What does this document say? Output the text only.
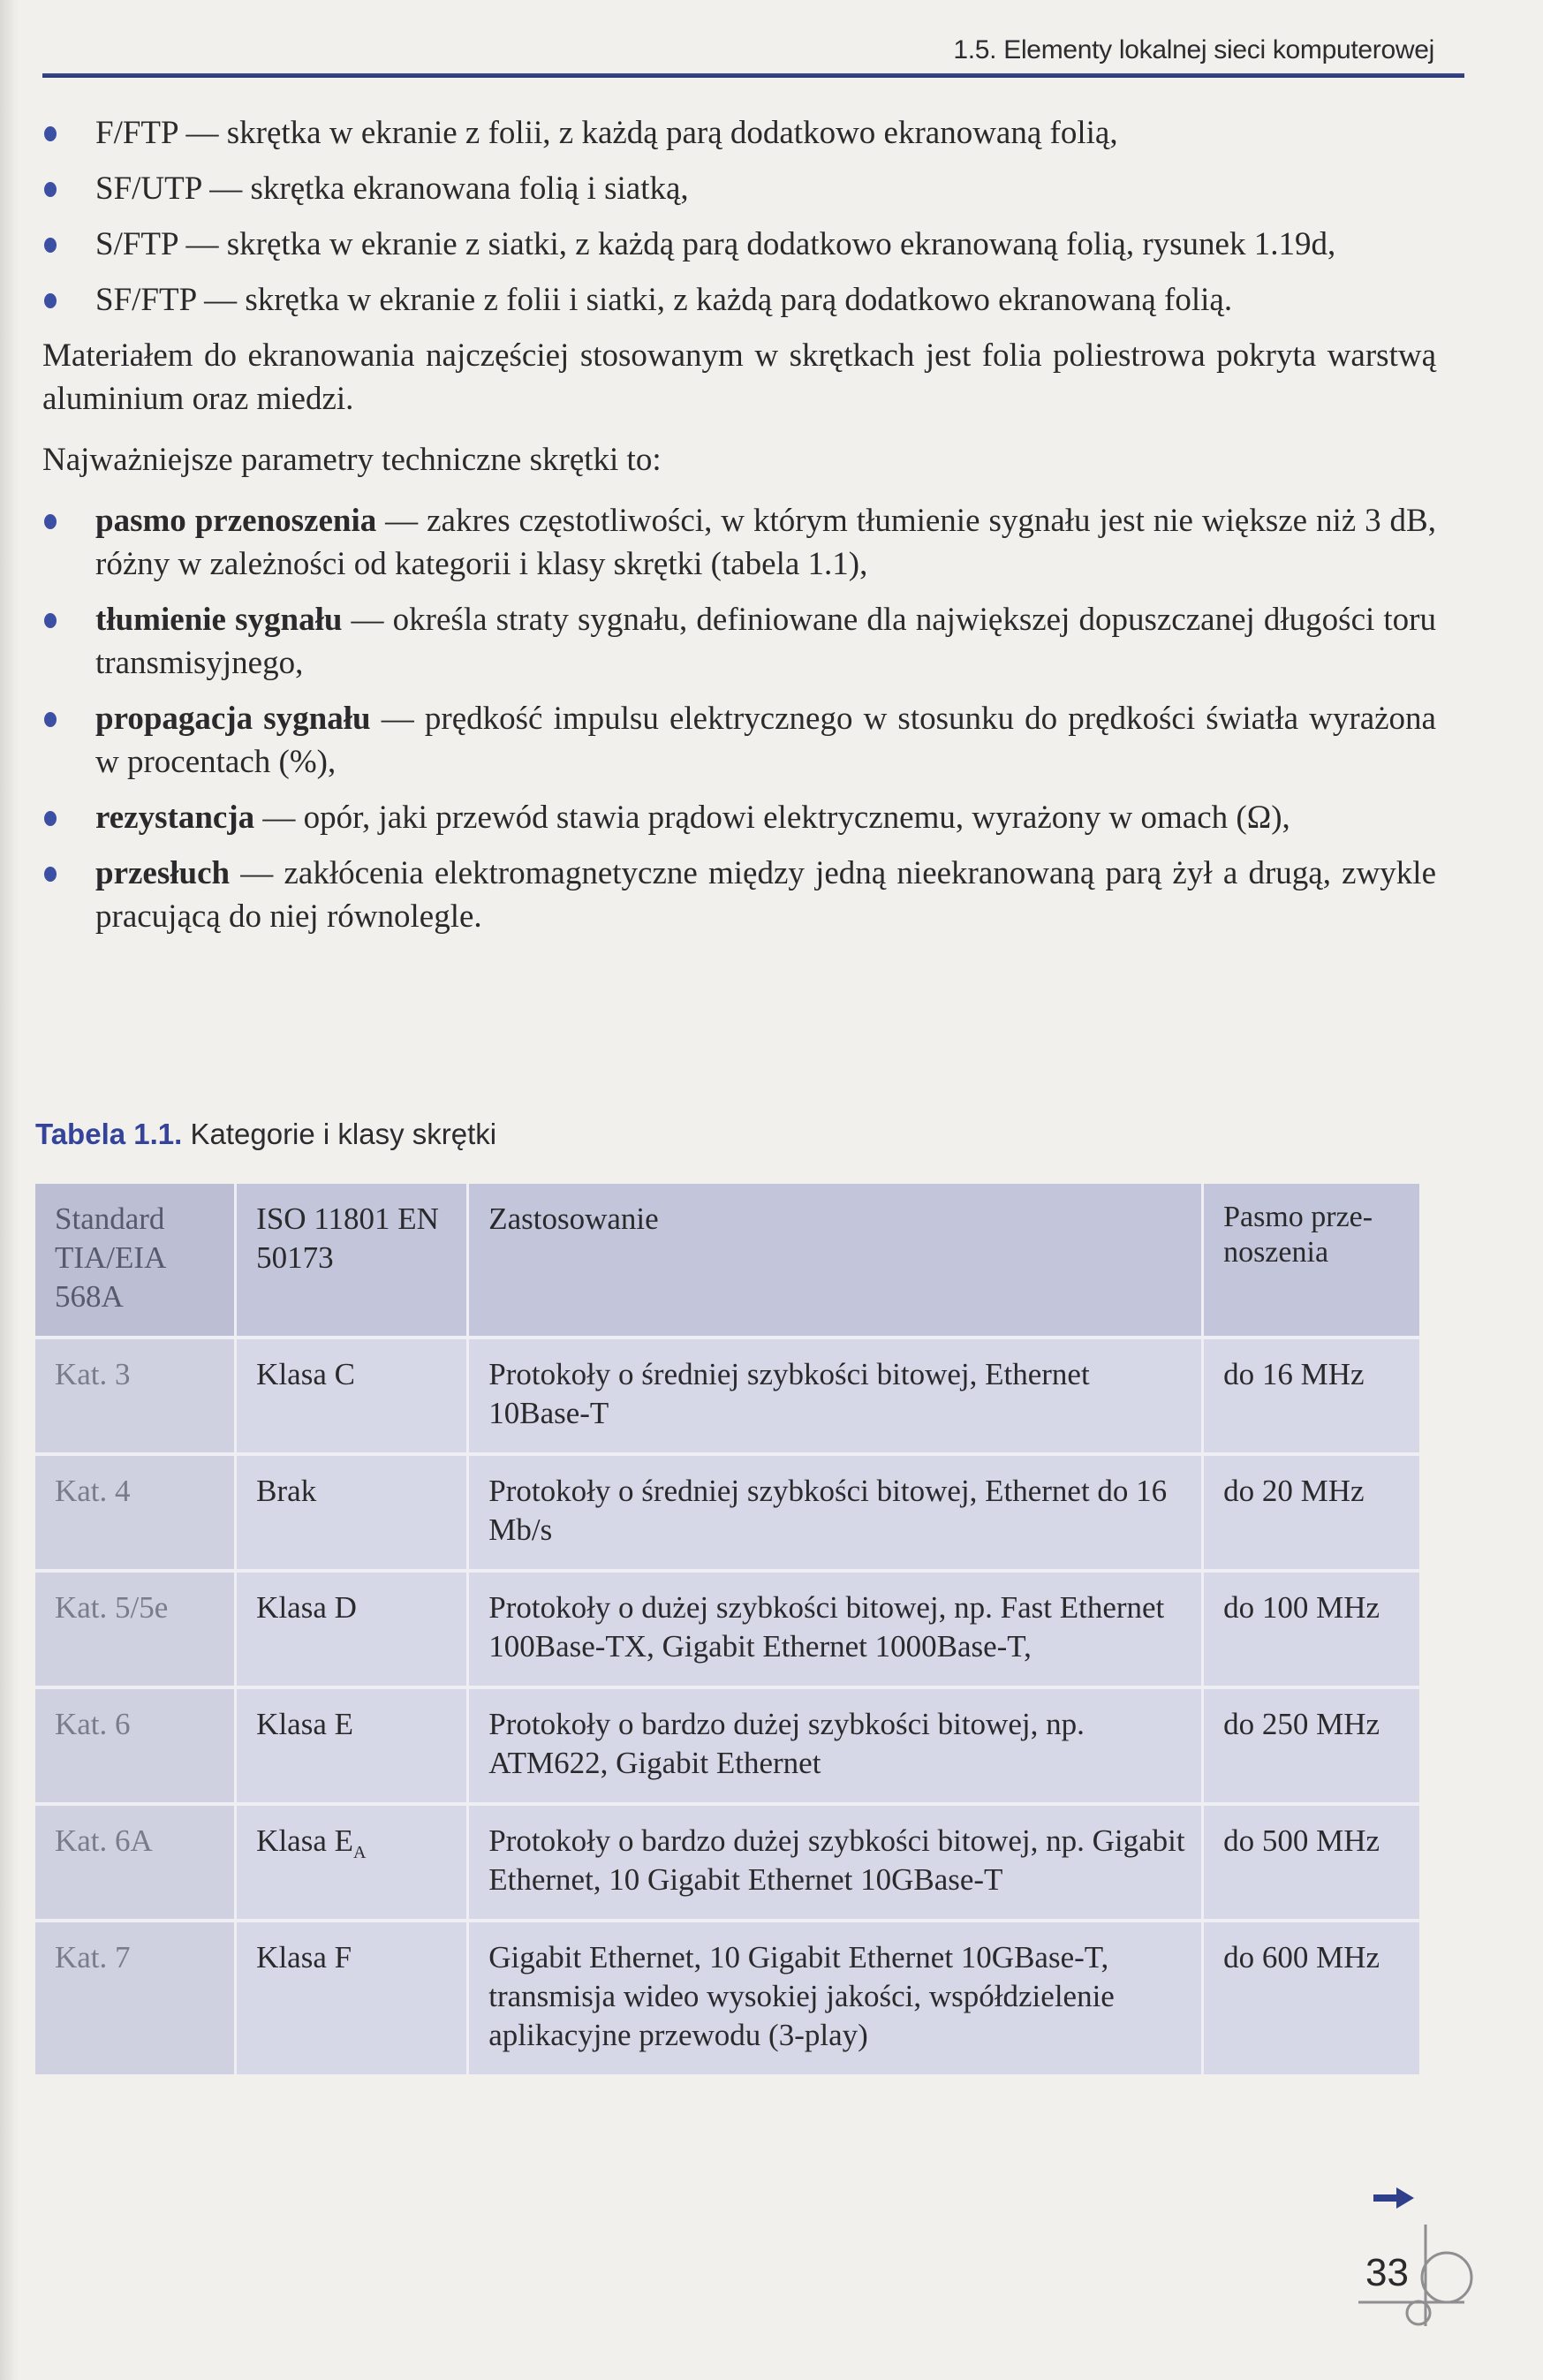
1.5. Elementy lokalnej sieci komputerowej
F/FTP — skrętka w ekranie z folii, z każdą parą dodatkowo ekranowaną folią,
SF/UTP — skrętka ekranowana folią i siatką,
S/FTP — skrętka w ekranie z siatki, z każdą parą dodatkowo ekranowaną folią, rysunek 1.19d,
SF/FTP — skrętka w ekranie z folii i siatki, z każdą parą dodatkowo ekranowaną folią.

Materiałem do ekranowania najczęściej stosowanym w skrętkach jest folia poliestrowa pokryta warstwą aluminium oraz miedzi.

Najważniejsze parametry techniczne skrętki to:

pasmo przenoszenia — zakres częstotliwości, w którym tłumienie sygnału jest nie większe niż 3 dB, różny w zależności od kategorii i klasy skrętki (tabela 1.1),
tłumienie sygnału — określa straty sygnału, definiowane dla największej dopuszczanej długości toru transmisyjnego,
propagacja sygnału — prędkość impulsu elektrycznego w stosunku do prędkości światła wyrażona w procentach (%),
rezystancja — opór, jaki przewód stawia prądowi elektrycznemu, wyrażony w omach (Ω),
przesłuch — zakłócenia elektromagnetyczne między jedną nieekranowaną parą żył a drugą, zwykle pracującą do niej równolegle.
Tabela 1.1. Kategorie i klasy skrętki
Standard TIA/EIA 568A	ISO 11801 EN 50173	Zastosowanie	Pasmo prze-noszenia
Kat. 3	Klasa C	Protokoły o średniej szybkości bitowej, Ethernet 10Base-T	do 16 MHz
Kat. 4	Brak	Protokoły o średniej szybkości bitowej, Ethernet do 16 Mb/s	do 20 MHz
Kat. 5/5e	Klasa D	Protokoły o dużej szybkości bitowej, np. Fast Ethernet 100Base-TX, Gigabit Ethernet 1000Base-T,	do 100 MHz
Kat. 6	Klasa E	Protokoły o bardzo dużej szybkości bitowej, np. ATM622, Gigabit Ethernet	do 250 MHz
Kat. 6A	Klasa $E_A$	Protokoły o bardzo dużej szybkości bitowej, np. Gigabit Ethernet, 10 Gigabit Ethernet 10GBase-T	do 500 MHz
Kat. 7	Klasa F	Gigabit Ethernet, 10 Gigabit Ethernet 10GBase-T, transmisja wideo wysokiej jakości, współdzielenie aplikacyjne przewodu (3-play)	do 600 MHz
33
